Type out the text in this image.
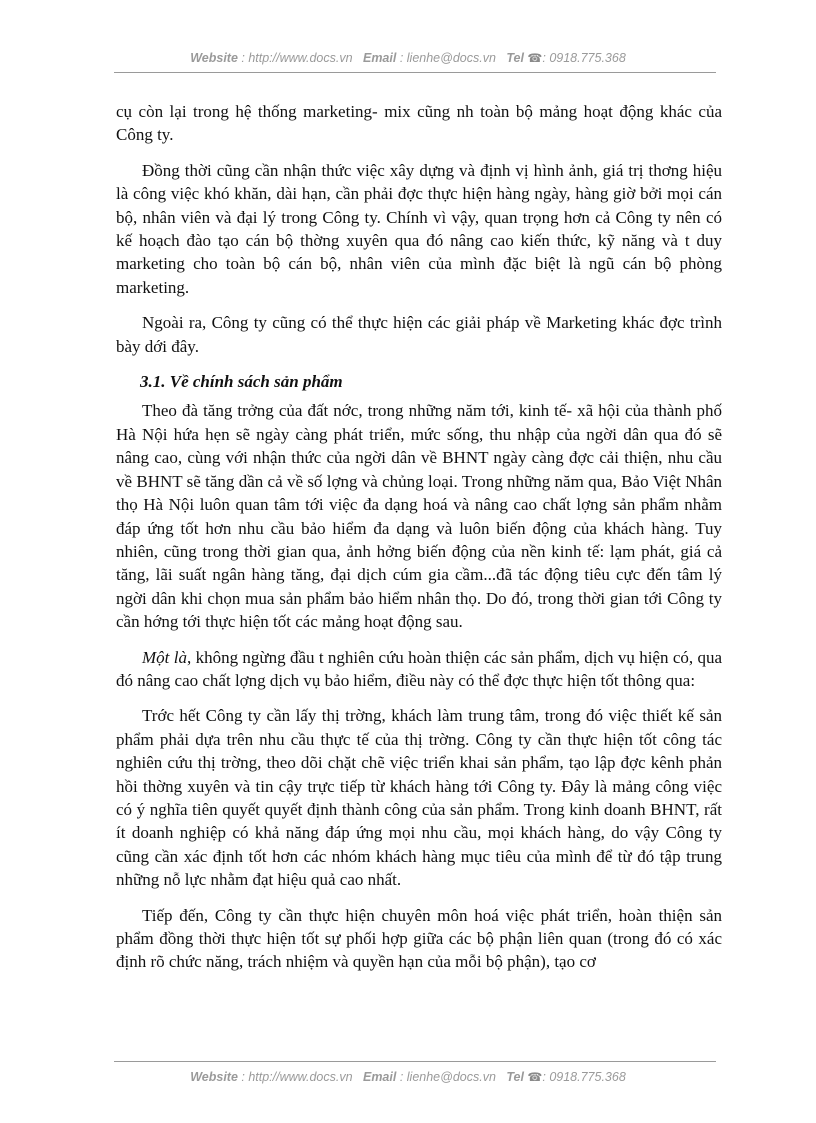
Website : http://www.docs.vn Email : lienhe@docs.vn Tel ☎: 0918.775.368

cụ còn lại trong hệ thống marketing- mix cũng nh toàn bộ mảng hoạt động khác của Công ty.

Đồng thời cũng cần nhận thức việc xây dựng và định vị hình ảnh, giá trị thơng hiệu là công việc khó khăn, dài hạn, cần phải đợc thực hiện hàng ngày, hàng giờ bởi mọi cán bộ, nhân viên và đại lý trong Công ty. Chính vì vậy, quan trọng hơn cả Công ty nên có kế hoạch đào tạo cán bộ thờng xuyên qua đó nâng cao kiến thức, kỹ năng và t duy marketing cho toàn bộ cán bộ, nhân viên của mình đặc biệt là ngũ cán bộ phòng marketing.

Ngoài ra, Công ty cũng có thể thực hiện các giải pháp về Marketing khác đợc trình bày dới đây.

3.1. Về chính sách sản phẩm

Theo đà tăng trởng của đất nớc, trong những năm tới, kinh tế- xã hội của thành phố Hà Nội hứa hẹn sẽ ngày càng phát triển, mức sống, thu nhập của ngời dân qua đó sẽ nâng cao, cùng với nhận thức của ngời dân về BHNT ngày càng đợc cải thiện, nhu cầu về BHNT sẽ tăng dần cả về số lợng và chủng loại. Trong những năm qua, Bảo Việt Nhân thọ Hà Nội luôn quan tâm tới việc đa dạng hoá và nâng cao chất lợng sản phẩm nhằm đáp ứng tốt hơn nhu cầu bảo hiểm đa dạng và luôn biến động của khách hàng. Tuy nhiên, cũng trong thời gian qua, ảnh hởng biến động của nền kinh tế: lạm phát, giá cả tăng, lãi suất ngân hàng tăng, đại dịch cúm gia cầm...đã tác động tiêu cực đến tâm lý ngời dân khi chọn mua sản phẩm bảo hiểm nhân thọ. Do đó, trong thời gian tới Công ty cần hớng tới thực hiện tốt các mảng hoạt động sau.

Một là, không ngừng đầu t nghiên cứu hoàn thiện các sản phẩm, dịch vụ hiện có, qua đó nâng cao chất lợng dịch vụ bảo hiểm, điều này có thể đợc thực hiện tốt thông qua:

Trớc hết Công ty cần lấy thị trờng, khách làm trung tâm, trong đó việc thiết kế sản phẩm phải dựa trên nhu cầu thực tế của thị trờng. Công ty cần thực hiện tốt công tác nghiên cứu thị trờng, theo dõi chặt chẽ việc triển khai sản phẩm, tạo lập đợc kênh phản hồi thờng xuyên và tin cậy trực tiếp từ khách hàng tới Công ty. Đây là mảng công việc có ý nghĩa tiên quyết quyết định thành công của sản phẩm. Trong kinh doanh BHNT, rất ít doanh nghiệp có khả năng đáp ứng mọi nhu cầu, mọi khách hàng, do vậy Công ty cũng cần xác định tốt hơn các nhóm khách hàng mục tiêu của mình để từ đó tập trung những nỗ lực nhằm đạt hiệu quả cao nhất.

Tiếp đến, Công ty cần thực hiện chuyên môn hoá việc phát triển, hoàn thiện sản phẩm đồng thời thực hiện tốt sự phối hợp giữa các bộ phận liên quan (trong đó có xác định rõ chức năng, trách nhiệm và quyền hạn của mỗi bộ phận), tạo cơ

Website : http://www.docs.vn Email : lienhe@docs.vn Tel ☎: 0918.775.368
